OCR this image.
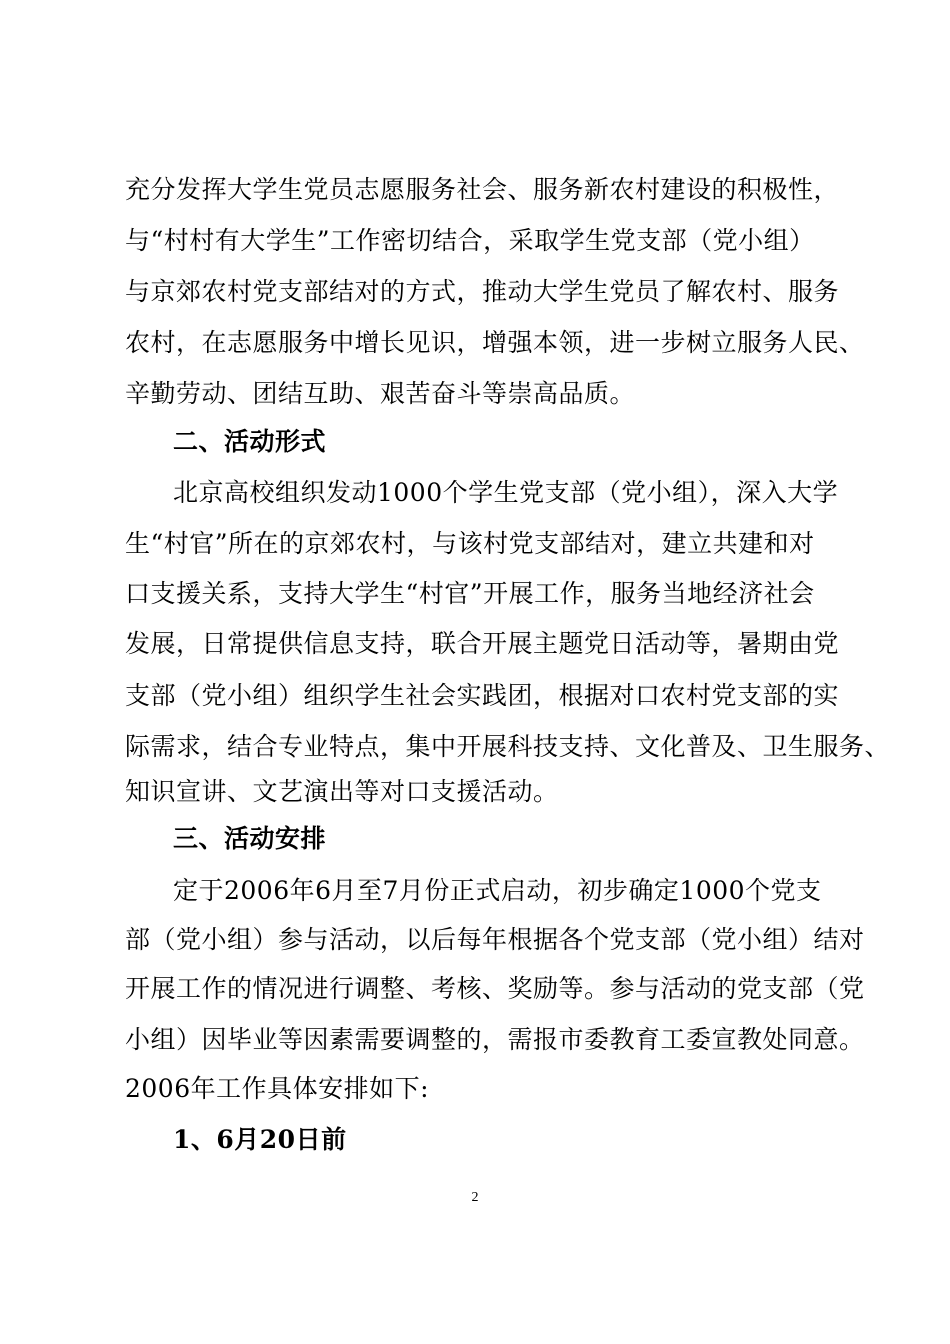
充分发挥大学生党员志愿服务社会、服务新农村建设的积极性，
与“村村有大学生”工作密切结合，采取学生党支部（党小组）
与京郊农村党支部结对的方式，推动大学生党员了解农村、服务
农村，在志愿服务中增长见识，增强本领，进一步树立服务人民、
辛勤劳动、团结互助、艰苦奋斗等崇高品质。
二、活动形式
北京高校组织发动1000个学生党支部（党小组），深入大学
生“村官”所在的京郊农村，与该村党支部结对，建立共建和对
口支援关系，支持大学生“村官”开展工作，服务当地经济社会
发展，日常提供信息支持，联合开展主题党日活动等，暑期由党
支部（党小组）组织学生社会实践团，根据对口农村党支部的实
际需求，结合专业特点，集中开展科技支持、文化普及、卫生服务、
知识宣讲、文艺演出等对口支援活动。
三、活动安排
定于2006年6月至7月份正式启动，初步确定1000个党支
部（党小组）参与活动，以后每年根据各个党支部（党小组）结对
开展工作的情况进行调整、考核、奖励等。参与活动的党支部（党
小组）因毕业等因素需要调整的，需报市委教育工委宣教处同意。
2006年工作具体安排如下:
1、6月20日前
2
